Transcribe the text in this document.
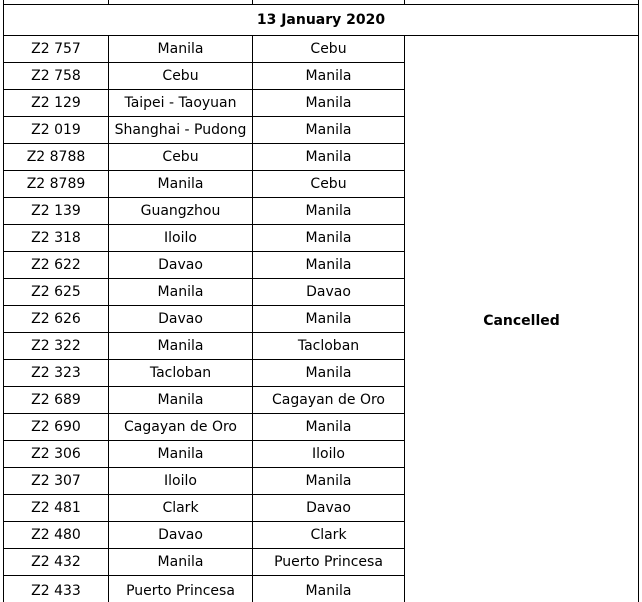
13 January 2020			
Z2 757	Manila	Cebu	Cancelled
Z2 758	Cebu	Manila	
Z2 129	Taipei - Taoyuan	Manila	
Z2 019	Shanghai - Pudong	Manila	
Z2 8788	Cebu	Manila	
Z2 8789	Manila	Cebu	
Z2 139	Guangzhou	Manila	
Z2 318	Iloilo	Manila	
Z2 622	Davao	Manila	
Z2 625	Manila	Davao	
Z2 626	Davao	Manila	
Z2 322	Manila	Tacloban	
Z2 323	Tacloban	Manila	
Z2 689	Manila	Cagayan de Oro	
Z2 690	Cagayan de Oro	Manila	
Z2 306	Manila	Iloilo	
Z2 307	Iloilo	Manila	
Z2 481	Clark	Davao	
Z2 480	Davao	Clark	
Z2 432	Manila	Puerto Princesa	
Z2 433	Puerto Princesa	Manila	
